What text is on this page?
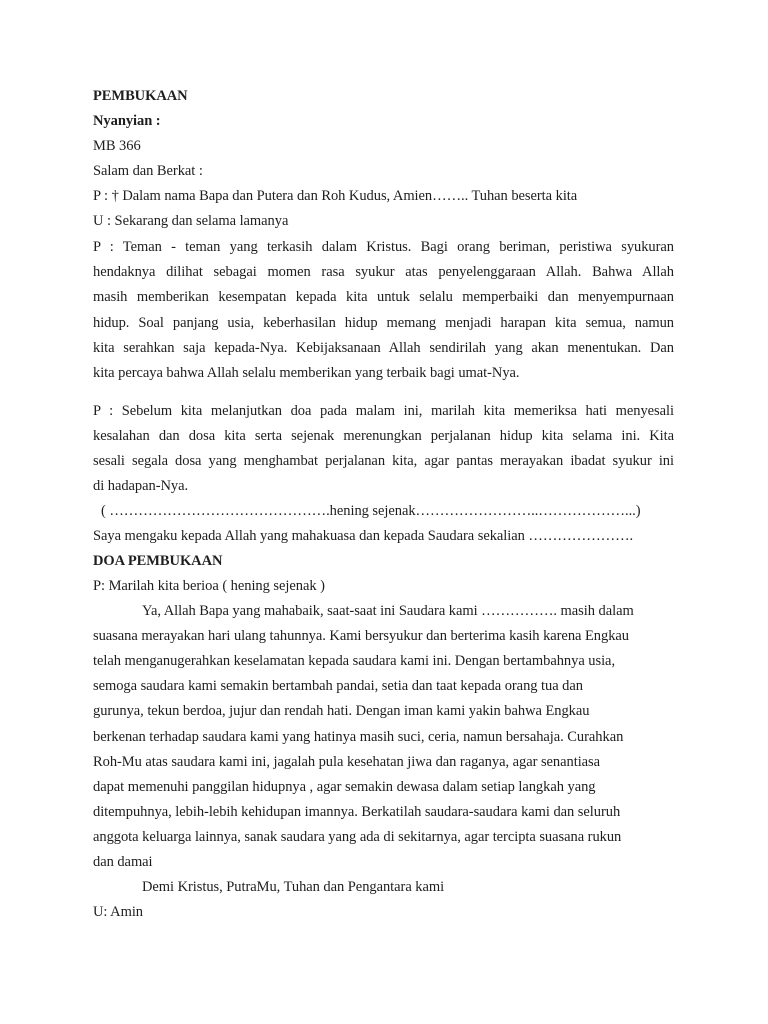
PEMBUKAAN
Nyanyian :
MB 366
Salam dan Berkat :
P : † Dalam nama Bapa dan Putera dan Roh Kudus, Amien…….. Tuhan beserta kita
U : Sekarang dan selama lamanya
P : Teman - teman yang terkasih dalam Kristus. Bagi orang beriman, peristiwa syukuran
hendaknya dilihat sebagai momen rasa syukur atas penyelenggaraan Allah. Bahwa Allah
masih memberikan kesempatan kepada kita untuk selalu memperbaiki dan menyempurnaan
hidup. Soal panjang usia, keberhasilan hidup memang menjadi harapan kita semua, namun
kita serahkan saja kepada-Nya. Kebijaksanaan Allah sendirilah yang akan menentukan. Dan
kita percaya bahwa Allah selalu memberikan yang terbaik bagi umat-Nya.
P : Sebelum kita melanjutkan doa pada malam ini, marilah kita memeriksa hati menyesali
kesalahan dan dosa kita serta sejenak merenungkan perjalanan hidup kita selama ini. Kita
sesali segala dosa yang menghambat perjalanan kita, agar pantas merayakan ibadat syukur ini
di hadapan-Nya.
( ……………………………………….hening sejenak……………………..………………...)
Saya mengaku kepada Allah yang mahakuasa dan kepada Saudara sekalian ………………….
DOA PEMBUKAAN
P: Marilah kita berioa ( hening sejenak )
Ya, Allah Bapa yang mahabaik, saat-saat ini Saudara kami ……………. masih dalam
suasana merayakan hari ulang tahunnya. Kami bersyukur dan berterima kasih karena Engkau
telah menganugerahkan keselamatan kepada saudara kami ini. Dengan bertambahnya usia,
semoga saudara kami semakin bertambah pandai, setia dan taat kepada orang tua dan
gurunya, tekun berdoa, jujur dan rendah hati. Dengan iman kami yakin bahwa Engkau
berkenan terhadap saudara kami yang hatinya masih suci, ceria, namun bersahaja. Curahkan
Roh-Mu atas saudara kami ini, jagalah pula kesehatan jiwa dan raganya, agar senantiasa
dapat memenuhi panggilan hidupnya , agar semakin dewasa dalam setiap langkah yang
ditempuhnya, lebih-lebih kehidupan imannya. Berkatilah saudara-saudara kami dan seluruh
anggota keluarga lainnya, sanak saudara yang ada di sekitarnya, agar tercipta suasana rukun
dan damai
Demi Kristus, PutraMu, Tuhan dan Pengantara kami
U: Amin
